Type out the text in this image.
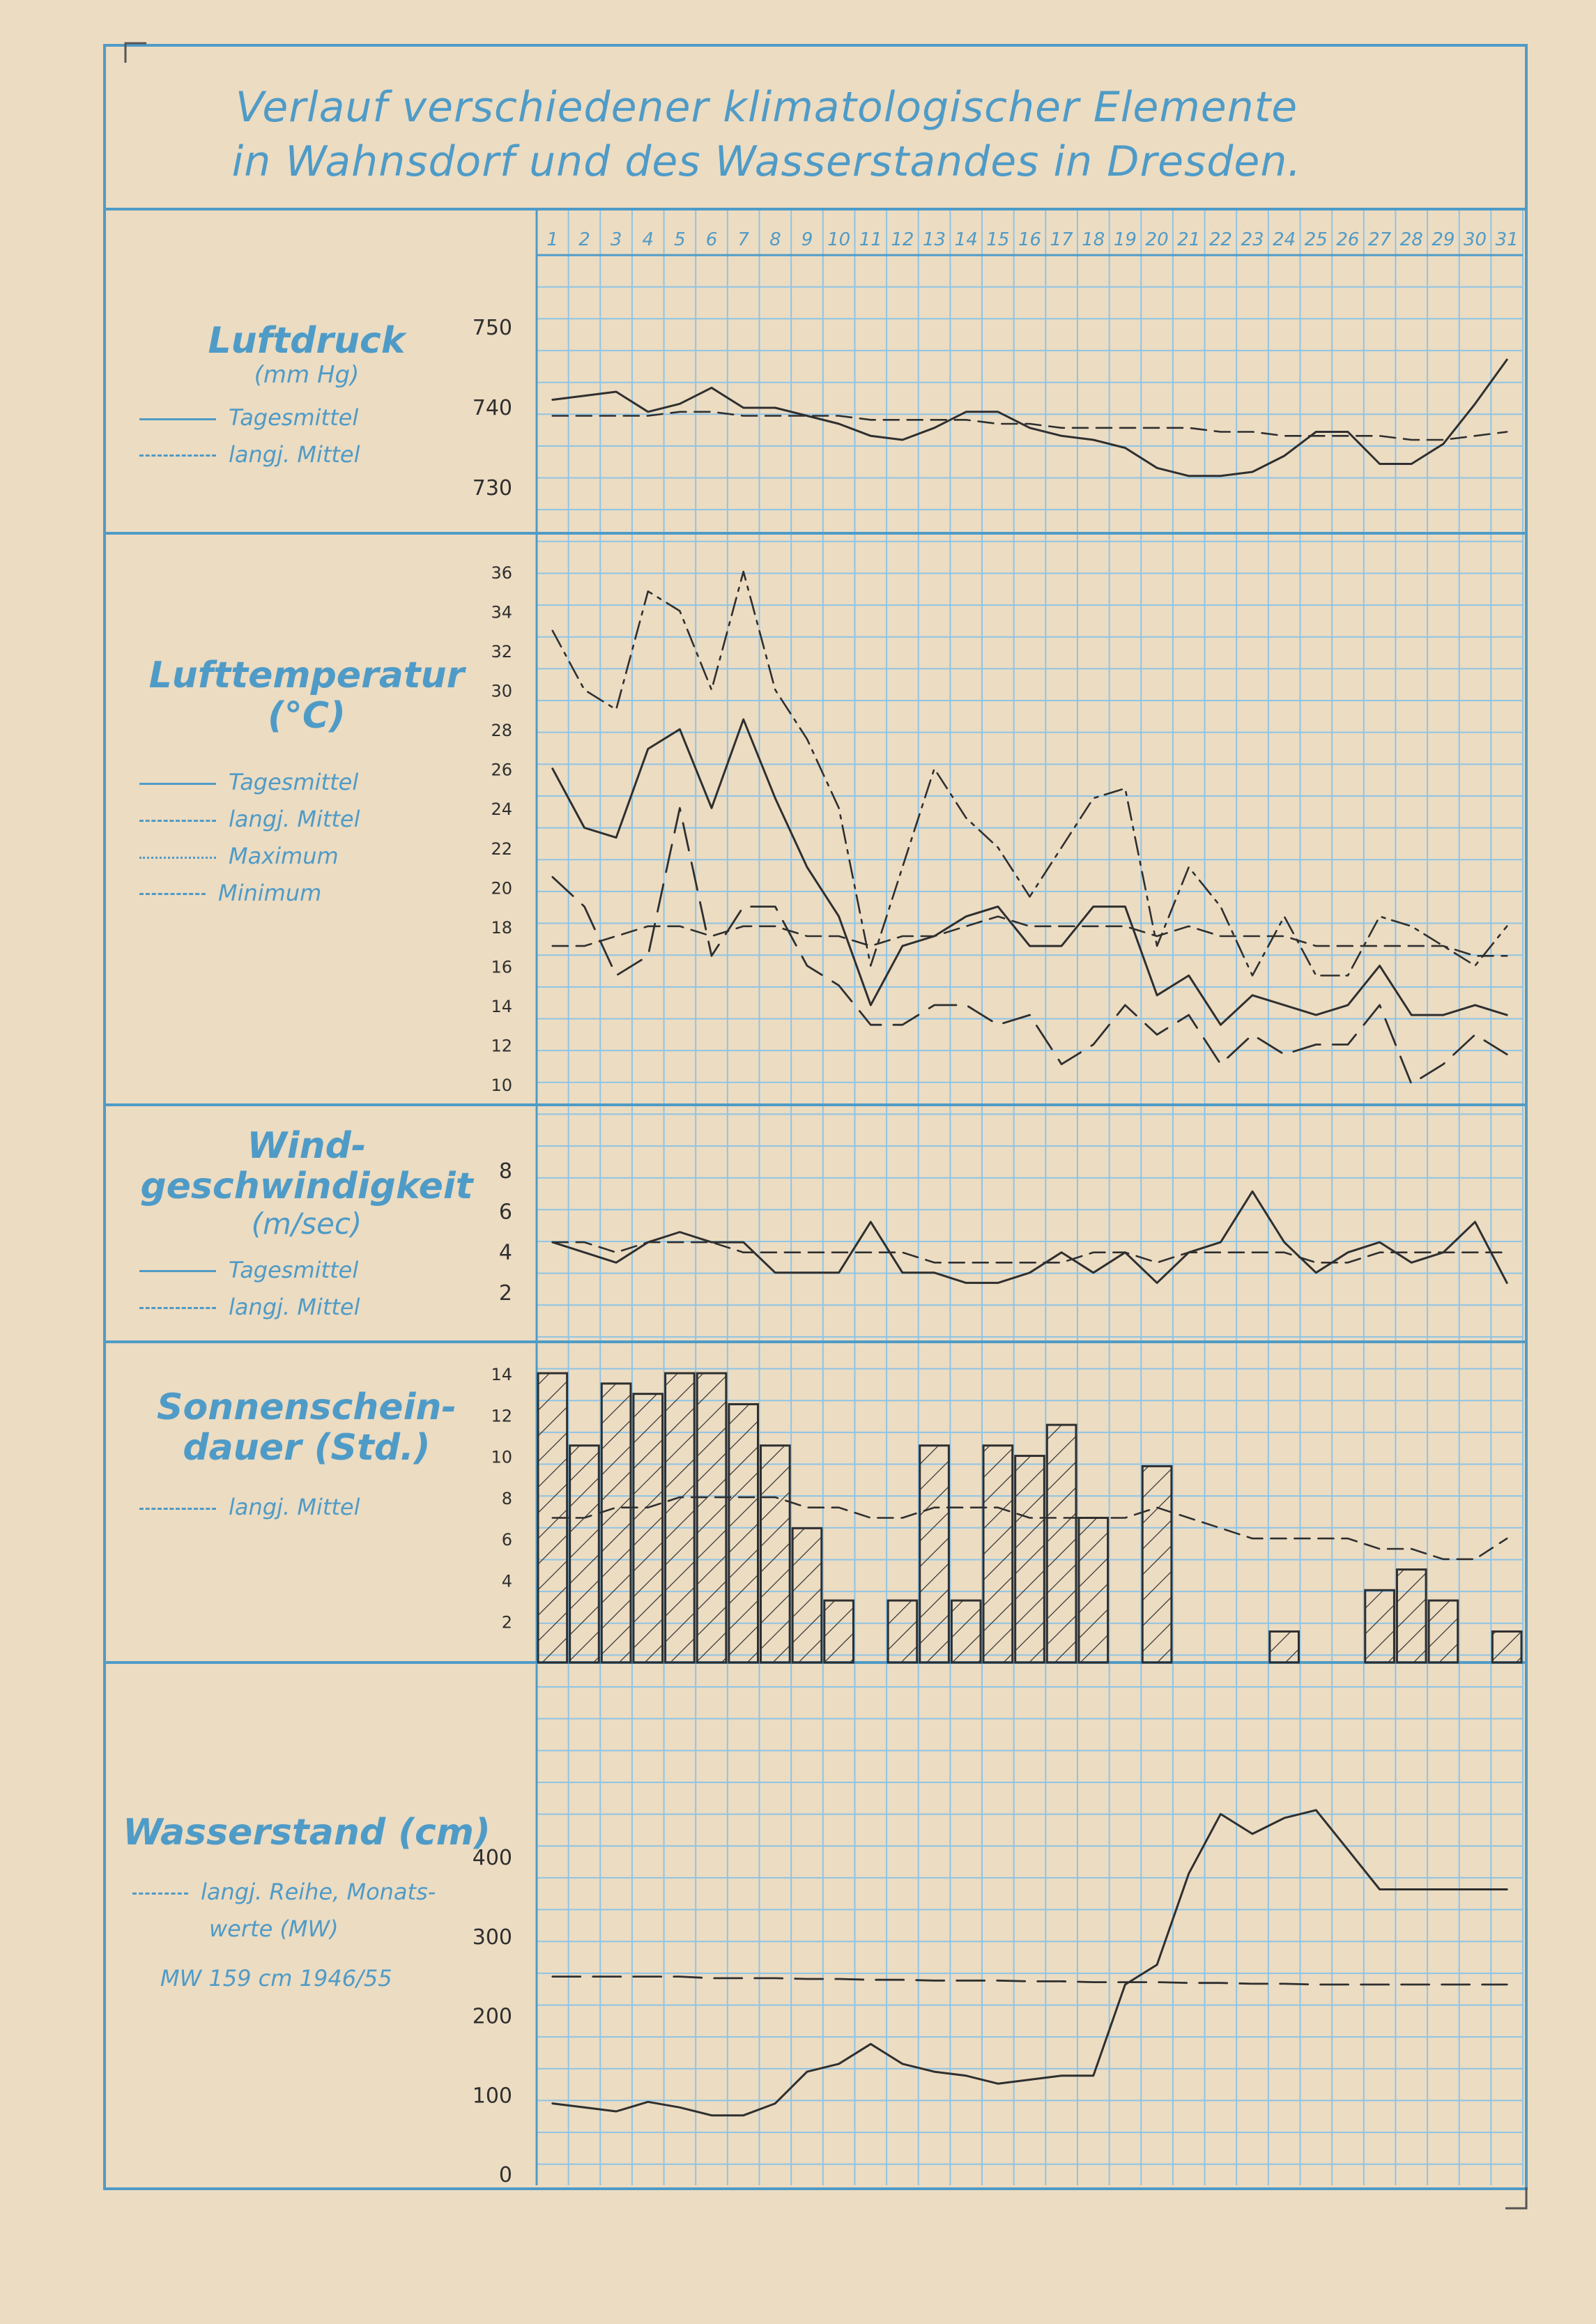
1 2 3 4 5 6 7 8 9 10 11 12 13 14 15 16 17 18 19 20 21 22 23 24 25 26 27 28 29 30 31
730
740
750
10
12
14
16
18
20
22
24
26
28
30
32
34
36
2
4
6
8
2
4
6
8
10
12
14
0
100
200
300
400
Verlauf verschiedener klimatologischer Elemente
in Wahnsdorf und des Wasserstandes in Dresden.
Luftdruck
(mm Hg)
Tagesmittel
langj. Mittel
Lufttemperatur
(°C)
Tagesmittel
langj. Mittel
Maximum
Minimum
Wind-
geschwindigkeit
(m/sec)
Tagesmittel
langj. Mittel
Sonnenschein-
dauer (Std.)
langj. Mittel
Wasserstand (cm)
langj. Reihe, Monats-
werte (MW)
MW 159 cm 1946/55
